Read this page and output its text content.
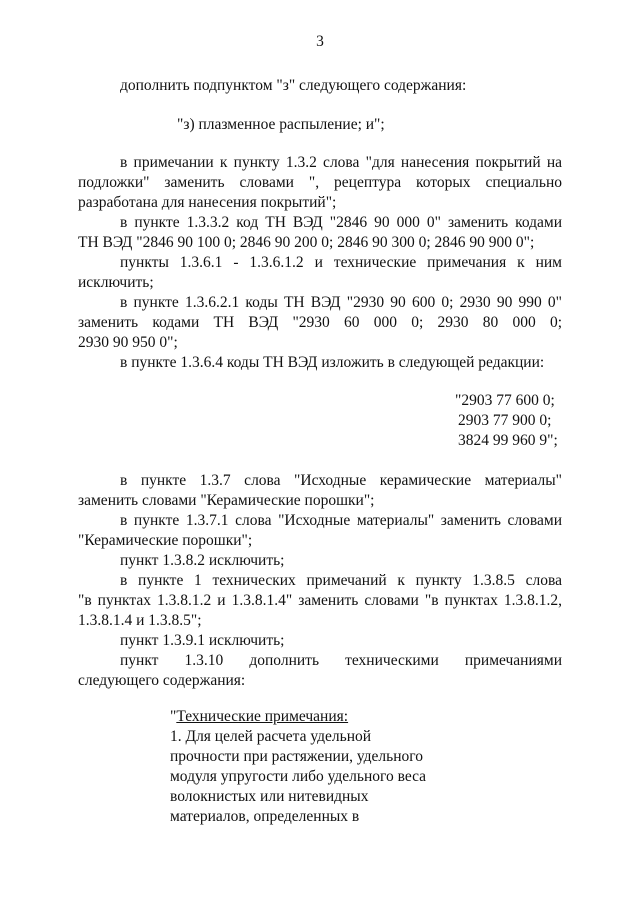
3
дополнить подпунктом "з" следующего содержания:
"з) плазменное распыление; и";
в примечании к пункту 1.3.2 слова "для нанесения покрытий на
подложки" заменить словами ", рецептура которых специально
разработана для нанесения покрытий";
в пункте 1.3.3.2 код ТН ВЭД "2846 90 000 0" заменить кодами
ТН ВЭД "2846 90 100 0; 2846 90 200 0; 2846 90 300 0; 2846 90 900 0";
пункты 1.3.6.1 - 1.3.6.1.2 и технические примечания к ним
исключить;
в пункте 1.3.6.2.1 коды ТН ВЭД "2930 90 600 0; 2930 90 990 0"
заменить кодами ТН ВЭД "2930 60 000 0; 2930 80 000 0;
2930 90 950 0";
в пункте 1.3.6.4 коды ТН ВЭД изложить в следующей редакции:
"2903 77 600 0;
2903 77 900 0;
3824 99 960 9";
в пункте 1.3.7 слова "Исходные керамические материалы"
заменить словами "Керамические порошки";
в пункте 1.3.7.1 слова "Исходные материалы" заменить словами
"Керамические порошки";
пункт 1.3.8.2 исключить;
в пункте 1 технических примечаний к пункту 1.3.8.5 слова
"в пунктах 1.3.8.1.2 и 1.3.8.1.4" заменить словами "в пунктах 1.3.8.1.2,
1.3.8.1.4 и 1.3.8.5";
пункт 1.3.9.1 исключить;
пункт 1.3.10 дополнить техническими примечаниями
следующего содержания:
"Технические примечания:
1. Для целей расчета удельной
прочности при растяжении, удельного
модуля упругости либо удельного веса
волокнистых или нитевидных
материалов, определенных в
